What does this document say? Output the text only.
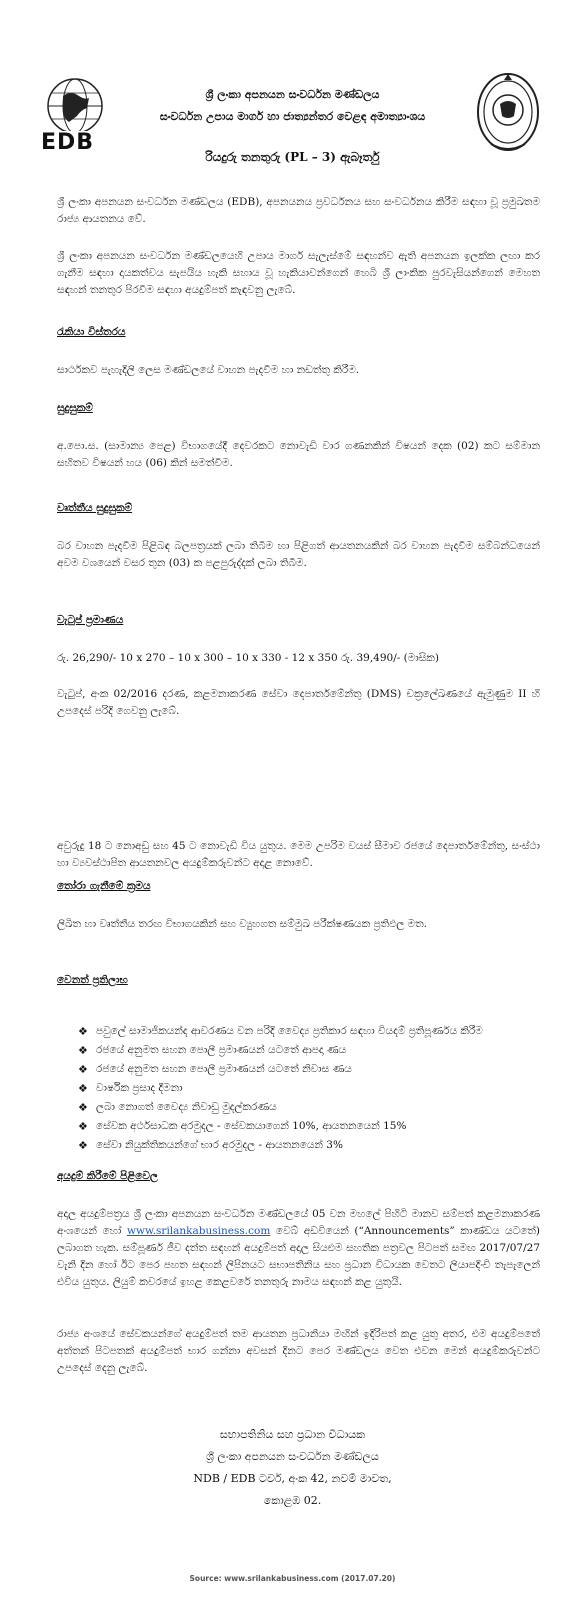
EDB
ශ්‍රී ලංකා අපනයන සංවර්ධන මණ්ඩලය
සංවර්ධන උපාය මාර්ග හා ජාත්‍යන්තර වෙළඳ අමාත්‍යාංශය
රියදුරු තනතුරු (PL – 3) ඇබෑර්තු
ශ්‍රී ලංකා අපනයන සංවර්ධන මණ්ඩලය (EDB), අපනයනය ප්‍රවර්ධනය සහ සංවර්ධනය කිරීම සඳහා වූ ප්‍රමුඛතම රාජ්‍ය ආයතනය වේ.
ශ්‍රී ලංකා අපනයන සංවර්ධන මණ්ඩලයෙහි උපාය මාර්ග සැලැස්මේ සඳහන්ව ඇති අපනයන ඉලක්ක ලඟා කර ගැනීම සඳහා දායකත්වය සැපයිය හැකි සහාය වූ හැකියාවන්ගෙන් හෙබි ශ්‍රී ලාංකික පුරවැසියන්ගෙන් මෙහත සඳහන් තනතුර පිරවීම සඳහා අයදුම්පත් කැඳවනු ලැබේ.
රැකියා විස්තරය
සාර්ථකව පැහැදිලි ලෙස මණ්ඩලයේ වාහන පැදවීම හා නඩත්තු කිරීම.
සුදුසුකම්
අ.පො.ස. (සාමාන්‍ය පෙළ) විභාගයේදී දෙවරකට නොවැඩි වාර ගණනකින් විෂයන් දෙක (02) කට සම්මාන සහිතව විෂයන් හය (06) කින් සමත්වීම.
වෘත්තීය සුදුසුකම්
බර වාහන පැදවීම පිළිබඳ බලපත්‍රයක් ලබා තිබීම හා පිළිගත් ආයතනයකින් බර වාහන පැදවීම සම්බන්ධයෙන් අවම වශයෙන් වසර තුන (03) ක පළපුරුද්දක් ලබා තිබීම.
වැටුප් ප්‍රමාණය
රු. 26,290/- 10 x 270 – 10 x 300 – 10 x 330 - 12 x 350 රු. 39,490/- (මාසික)
වැටුප්, අංක 02/2016 දරණ, කළමනාකරණ සේවා දෙපාර්තමේන්තු (DMS) චක්‍රලේඛණයේ ඇමුණුම II හි උපදෙස් පරිදි ගෙවනු ලැබේ.
අවුරුදු 18 ට නොඅඩු සහ 45 ට නොවැඩි විය යුතුය. මෙම උපරිම වයස් සීමාව රජයේ දෙපාර්තමේන්තු, සංස්ථා හා ව්‍යවස්ථාපිත ආයතනවල අයදුම්කරුවන්ට අදාළ නොවේ.
තෝරා ගැනීමේ ක්‍රමය
ලිඛිත හා වෘත්තීය තරඟ විභාගයකින් සහ ව්‍යුහගත සම්මුඛ පරීක්ෂණයක ප්‍රතිඵල මත.
වෙනත් ප්‍රතිලාභ
❖ පවුලේ සාමාජිකයන්ද ආවරණය වන පරිදි වෛද්‍ය ප්‍රතිකාර සඳහා වියදම් ප්‍රතිපූර්ණය කිරීම
❖ රජයේ අනුමත සහන පොලී ප්‍රමාණයන් යටතේ ආපදා ණය
❖ රජයේ අනුමත සහන පොලී ප්‍රමාණයන් යටතේ නිවාස ණය
❖ වාර්ෂික ප්‍රසාද දීමනා
❖ ලබා නොගත් වෛද්‍ය නිවාඩු මුදල්කරණය
❖ සේවක අර්ථසාධක අරමුදල - සේවකයාගෙන් 10%, ආයතනයෙන් 15%
❖ සේවා නියුක්තිකයන්ගේ භාර අරමුදල - ආයතනයෙන් 3%
අයදුම් කිරීමේ පිළිවෙල
අදාල අයදුම්පත්‍රය ශ්‍රී ලංකා අපනයන සංවර්ධන මණ්ඩලයේ 05 වන මහලේ පිහිටි මානව සම්පත් කළමනාකරණ අංශයෙන් හෝ www.srilankabusiness.com වෙබ් අඩවියෙන් (“Announcements” කාණ්ඩය යටතේ) ලබාගත හැක. සම්පූර්ණ ජීව දත්ත සඳහන් අයදුම්පත් අදාල සියළුම සහතික පත්‍රවල පිටපත් සමඟ 2017/07/27 වැනි දින හෝ ඊට පෙර පහත සඳහන් ලිපිනයට සභාපතිනිය සහ ප්‍රධාන විධායක වෙතට ලියාපදිංචි තැපැලෙන් එවිය යුතුය. ලියුම් කවරයේ ඉහළ කෙළවරේ තනතුරු නාමය සඳහන් කළ යුතුයි.
රාජ්‍ය අංශයේ සේවකයන්ගේ අයදුම්පත් තම ආයතන ප්‍රධානියා මඟින් ඉදිරිපත් කළ යුතු අතර, එම අයදුම්පතේ අත්තන් පිටපතක් අයදුම්පත් භාර ගන්නා අවසන් දිනට පෙර මණ්ඩලය වෙත එවන මෙන් අයදුම්කරුවන්ට උපදෙස් දෙනු ලැබේ.
සභාපතිනිය සහ ප්‍රධාන විධායක
ශ්‍රී ලංකා අපනයන සංවර්ධන මණ්ඩලය
NDB / EDB ටවර්, අංක 42, නවම් මාවත,
කොළඹ 02.
Source: www.srilankabusiness.com (2017.07.20)
